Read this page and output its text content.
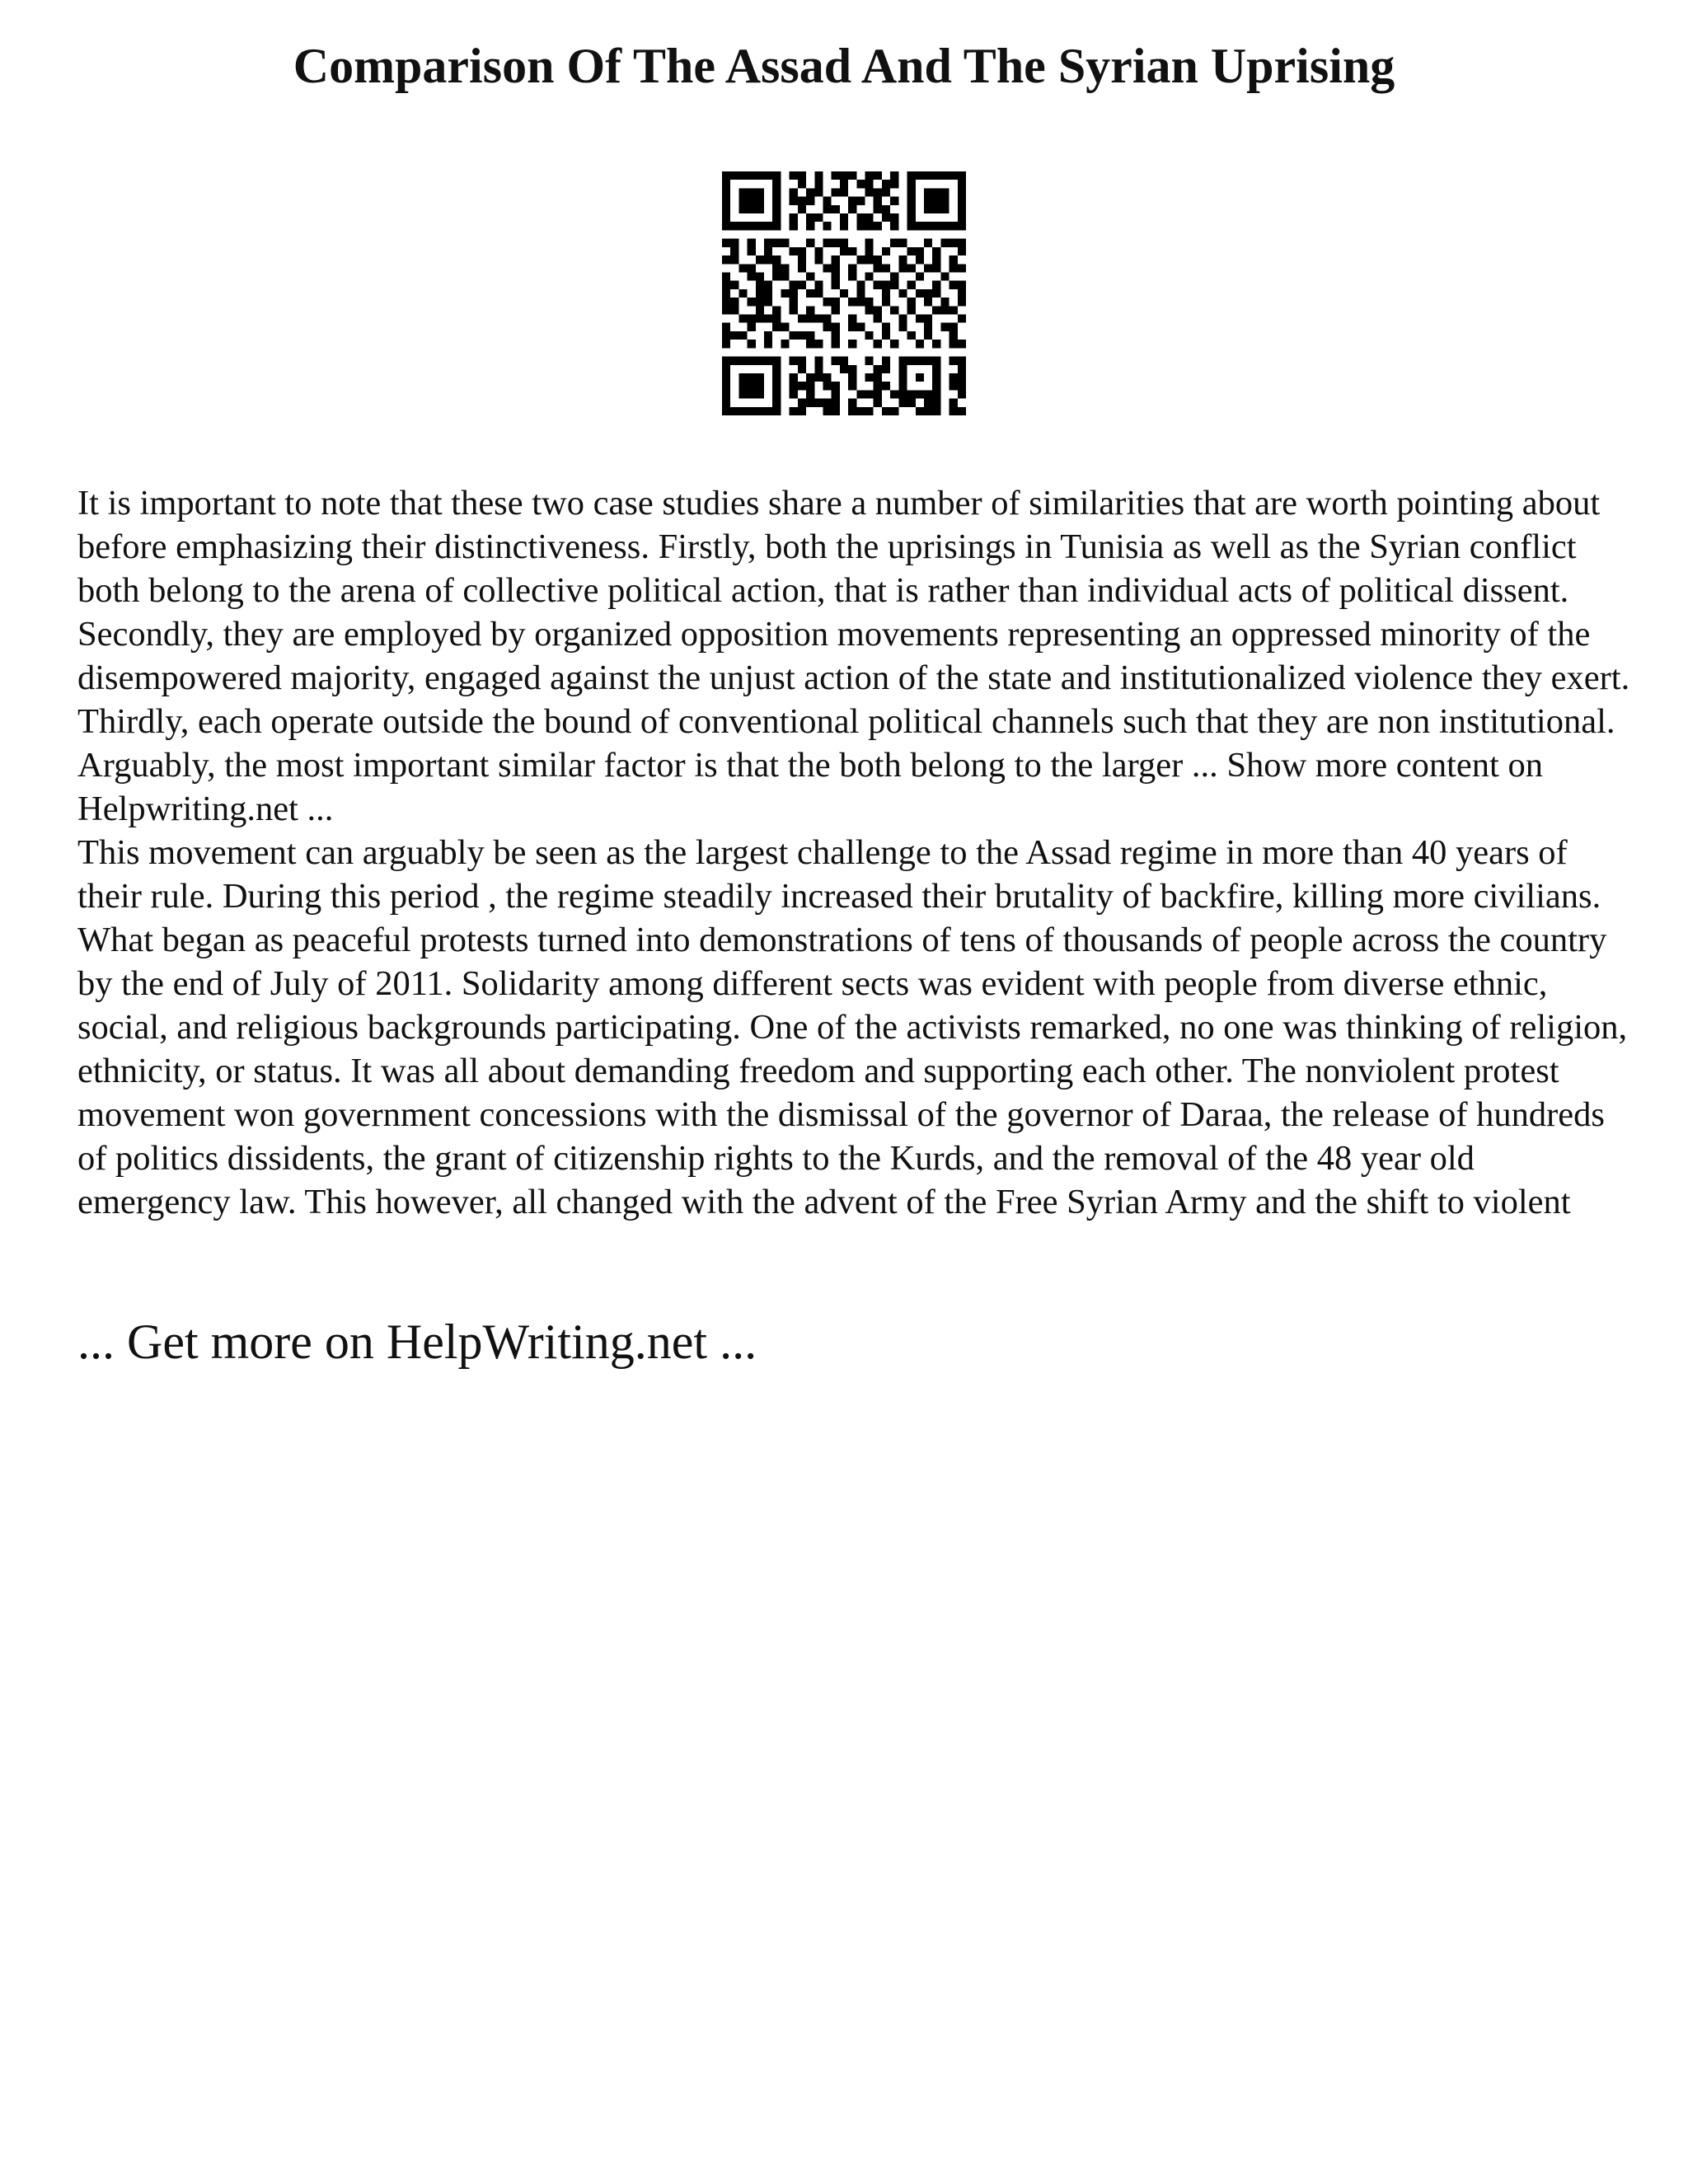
Comparison Of The Assad And The Syrian Uprising

It is important to note that these two case studies share a number of similarities that are worth pointing about before emphasizing their distinctiveness. Firstly, both the uprisings in Tunisia as well as the Syrian conflict both belong to the arena of collective political action, that is rather than individual acts of political dissent. Secondly, they are employed by organized opposition movements representing an oppressed minority of the disempowered majority, engaged against the unjust action of the state and institutionalized violence they exert. Thirdly, each operate outside the bound of conventional political channels such that they are non institutional. Arguably, the most important similar factor is that the both belong to the larger ... Show more content on Helpwriting.net ...

This movement can arguably be seen as the largest challenge to the Assad regime in more than 40 years of their rule. During this period , the regime steadily increased their brutality of backfire, killing more civilians. What began as peaceful protests turned into demonstrations of tens of thousands of people across the country by the end of July of 2011. Solidarity among different sects was evident with people from diverse ethnic, social, and religious backgrounds participating. One of the activists remarked, no one was thinking of religion, ethnicity, or status. It was all about demanding freedom and supporting each other. The nonviolent protest movement won government concessions with the dismissal of the governor of Daraa, the release of hundreds of politics dissidents, the grant of citizenship rights to the Kurds, and the removal of the 48 year old emergency law. This however, all changed with the advent of the Free Syrian Army and the shift to violent

... Get more on HelpWriting.net ...
